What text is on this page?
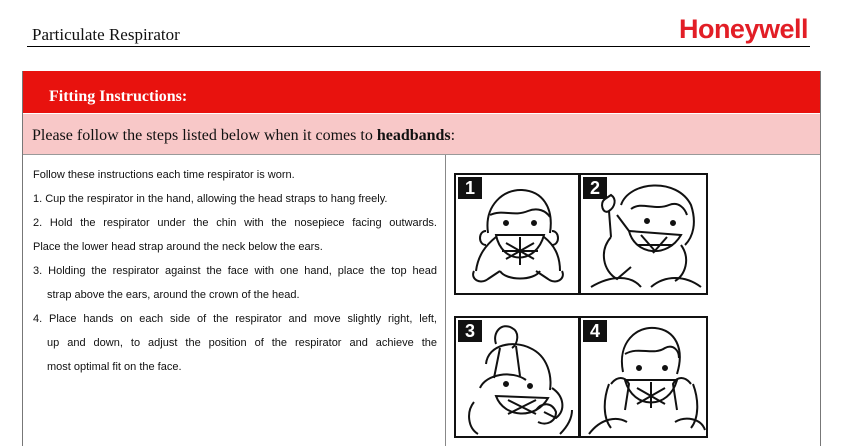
Particulate Respirator	Honeywell
Fitting Instructions:
Please follow the steps listed below when it comes to headbands:

Follow these instructions each time respirator is worn.

1. Cup the respirator in the hand, allowing the head straps to hang freely.

2. Hold the respirator under the chin with the nosepiece facing outwards.

Place the lower head strap around the neck below the ears.

3. Holding the respirator against the face with one hand, place the top head

strap above the ears, around the crown of the head.

4. Place hands on each side of the respirator and move slightly right, left,

up and down, to adjust the position of the respirator and achieve the

most optimal fit on the face.

1	2
3	4
